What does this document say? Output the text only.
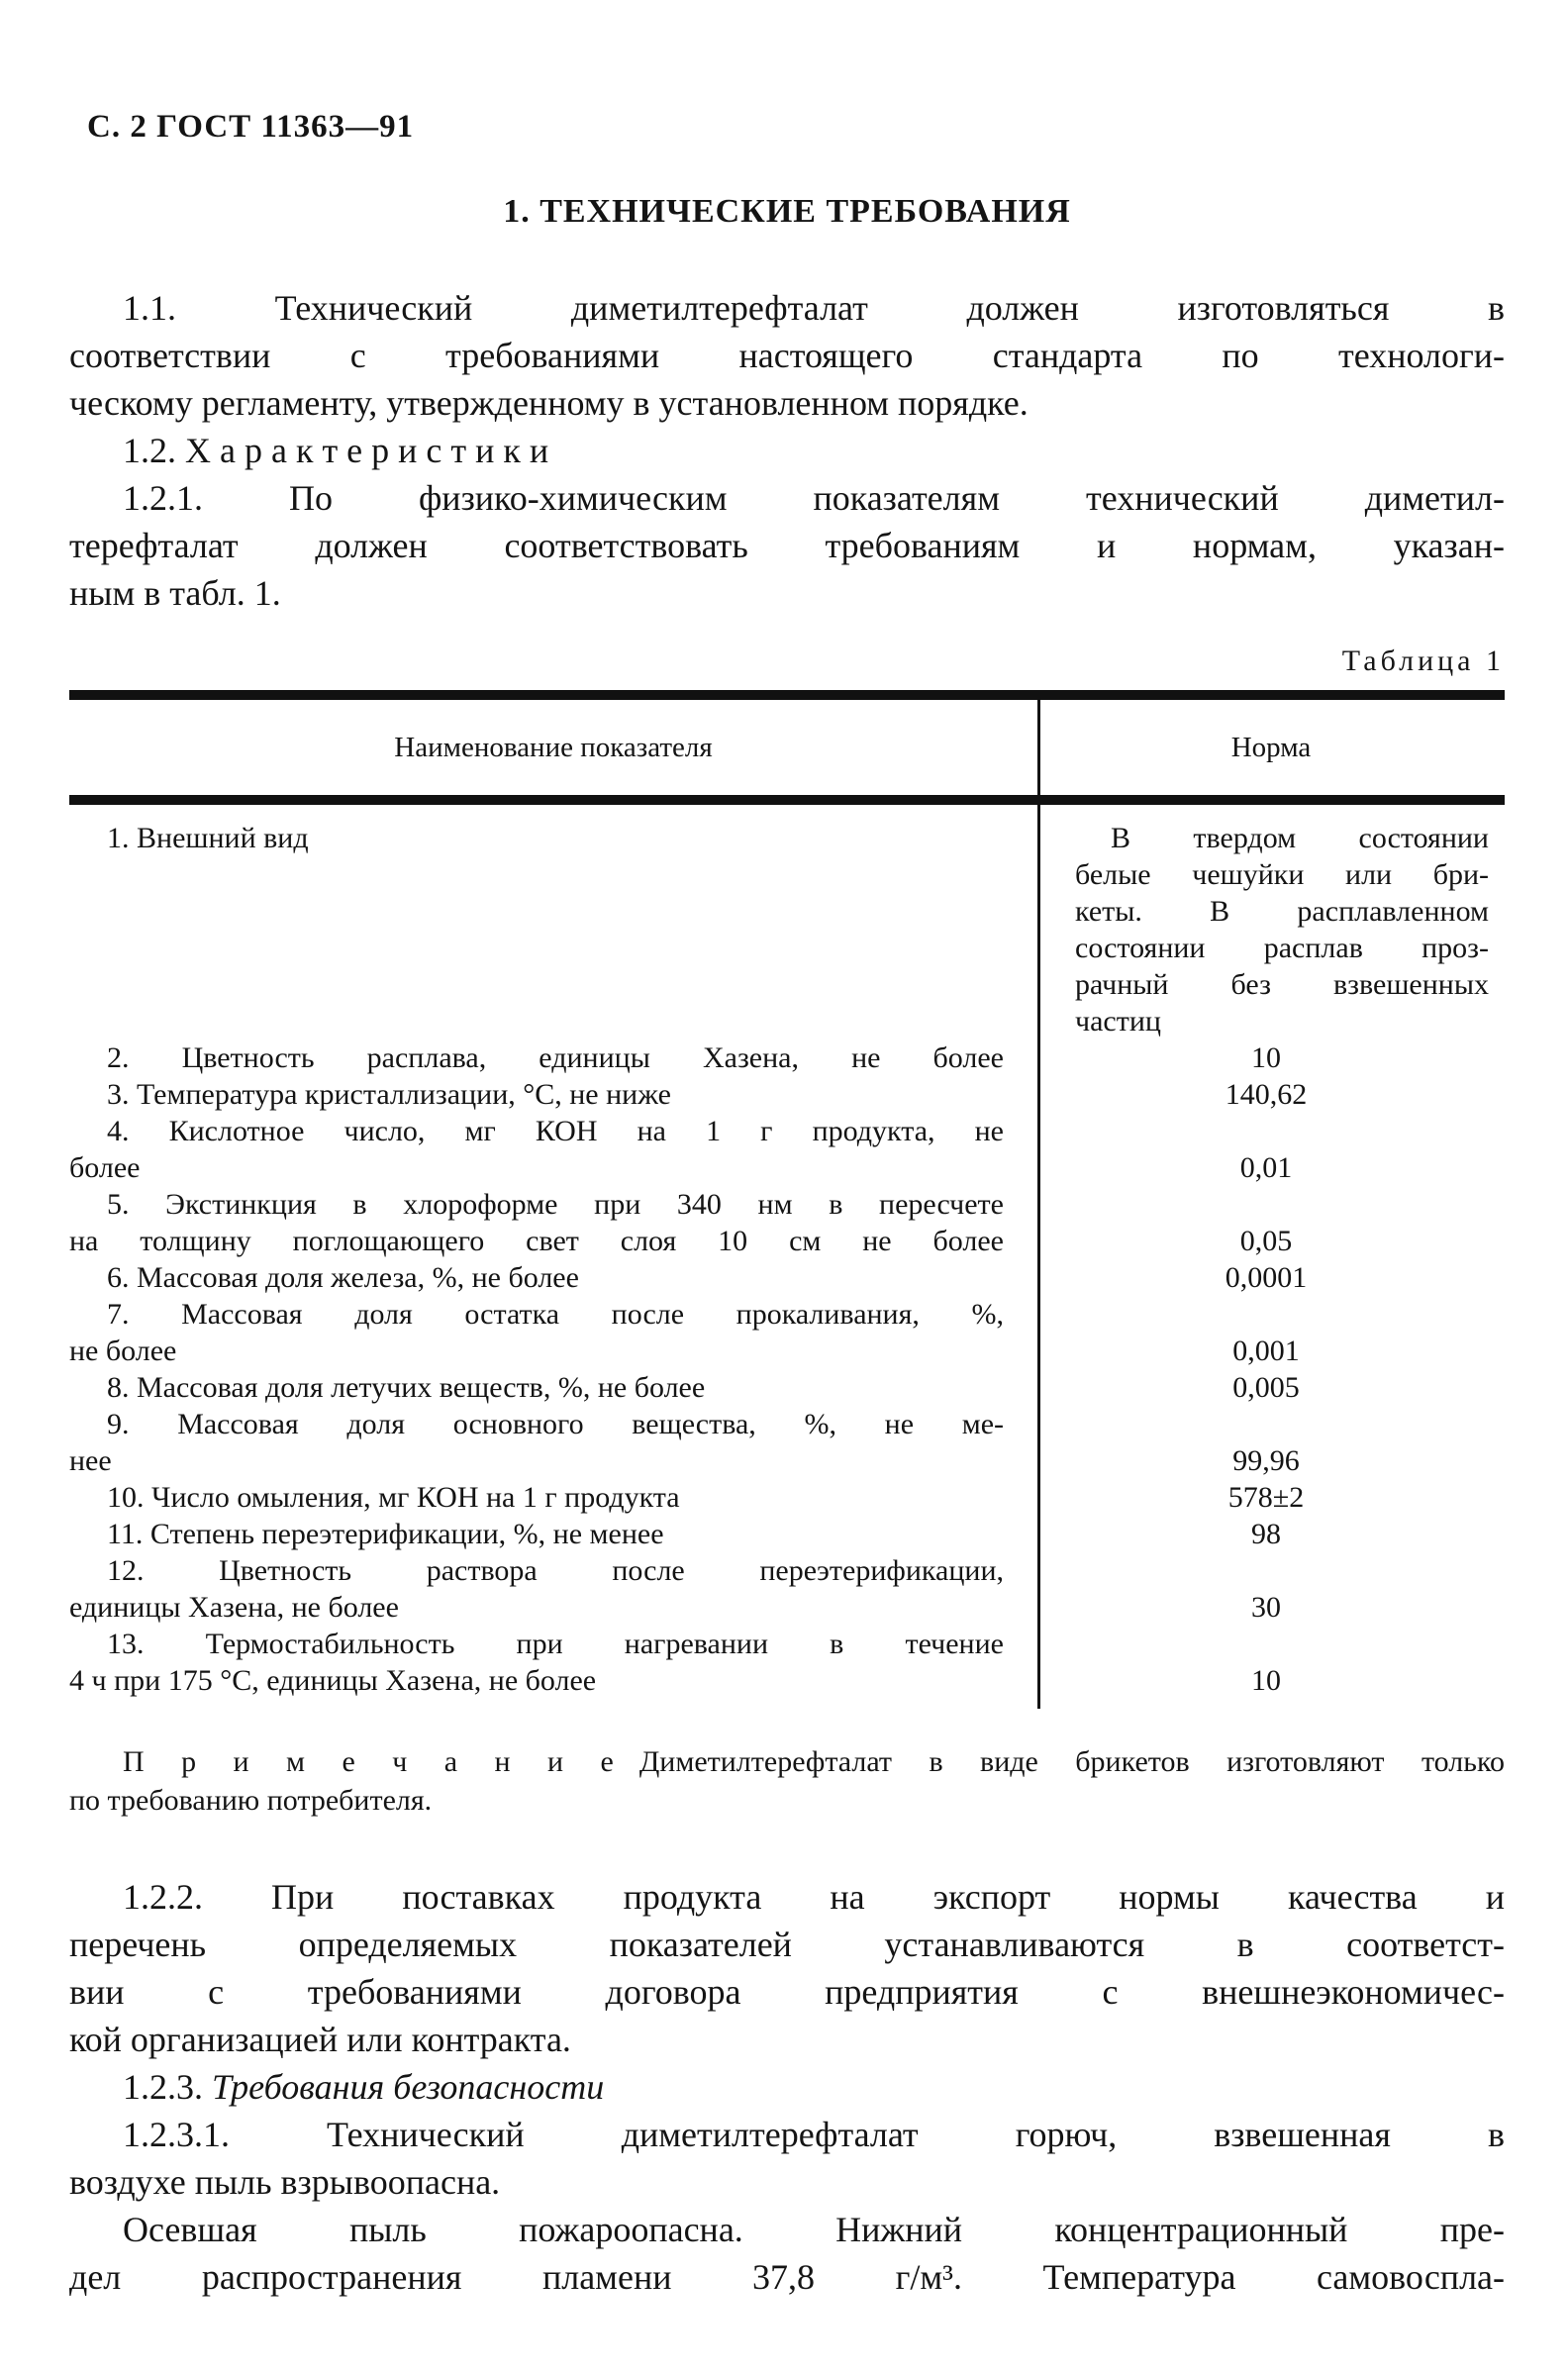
С. 2 ГОСТ 11363—91
1. ТЕХНИЧЕСКИЕ ТРЕБОВАНИЯ
1.1. Технический диметилтерефталат должен изготовляться в
соответствии с требованиями настоящего стандарта по технологи-
ческому регламенту, утвержденному в установленном порядке.
1.2. Х а р а к т е р и с т и к и
1.2.1. По физико-химическим показателям технический диметил-
терефталат должен соответствовать требованиям и нормам, указан-
ным в табл. 1.
Таблица 1
Наименование показателя	Норма
1. Внешний вид	В твердом состоянии
белые чешуйки или бри-
кеты. В расплавленном
состоянии расплав проз-
рачный без взвешенных
частиц
2. Цветность расплава, единицы Хазена, не более	10
3. Температура кристаллизации, °С, не ниже	140,62
4. Кислотное число, мг КОН на 1 г продукта, не
более	0,01
5. Экстинкция в хлороформе при 340 нм в пересчете
на толщину поглощающего свет слоя 10 см не более	0,05
6. Массовая доля железа, %, не более	0,0001
7. Массовая доля остатка после прокаливания, %,
не более	0,001
8. Массовая доля летучих веществ, %, не более	0,005
9. Массовая доля основного вещества, %, не ме-
нее	99,96
10. Число омыления, мг КОН на 1 г продукта	578±2
11. Степень переэтерификации, %, не менее	98
12. Цветность раствора после переэтерификации,
единицы Хазена, не более	30
13. Термостабильность при нагревании в течение
4 ч при 175 °С, единицы Хазена, не более	10
П р и м е ч а н и е Диметилтерефталат в виде брикетов изготовляют только
по требованию потребителя.
1.2.2. При поставках продукта на экспорт нормы качества и
перечень определяемых показателей устанавливаются в соответст-
вии с требованиями договора предприятия с внешнеэкономичес-
кой организацией или контракта.
1.2.3. Требования безопасности
1.2.3.1. Технический диметилтерефталат горюч, взвешенная в
воздухе пыль взрывоопасна.
Осевшая пыль пожароопасна. Нижний концентрационный пре-
дел распространения пламени 37,8 г/м³. Температура самовоспла-
